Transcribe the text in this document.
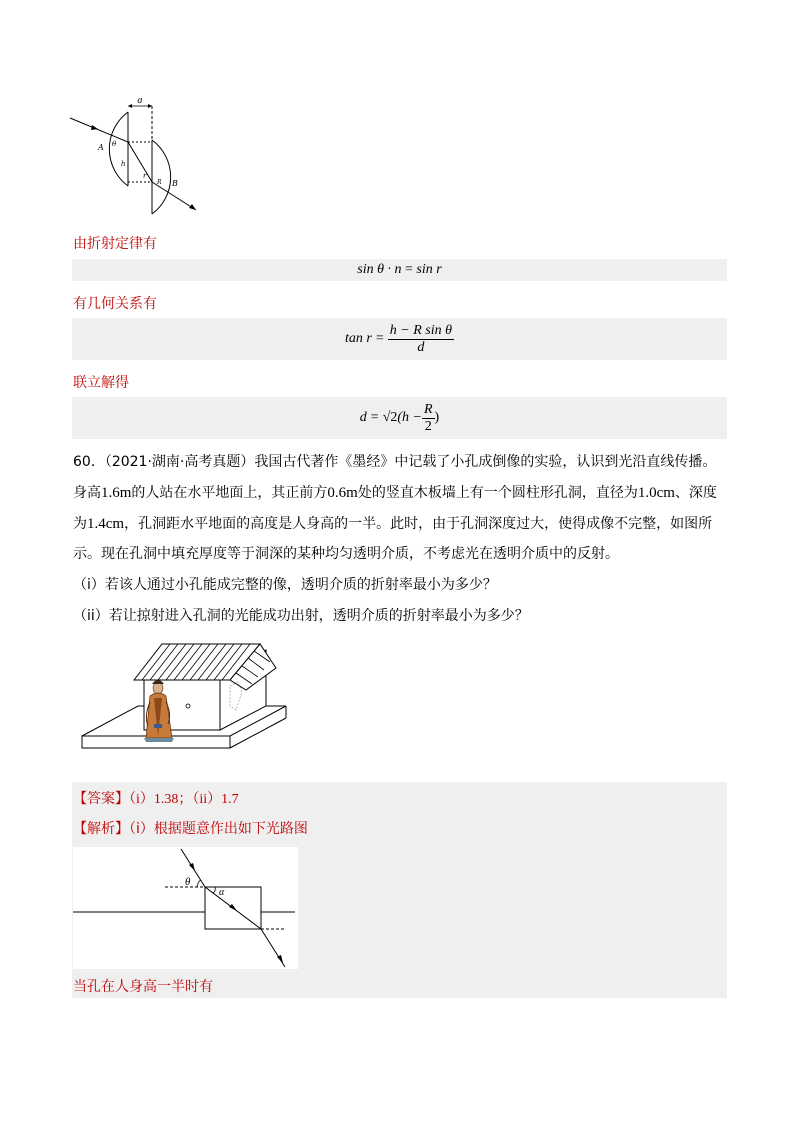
d
A
B
θ
h
r
R
由折射定律有
sin θ · n = sin r
有几何关系有
$\tan r = \frac{\text{h − R sin θ}}{d}$
联立解得
d = √2 ($h - \frac{R}{2}$ )
60．（2021·湖南·高考真题）我国古代著作《墨经》中记载了小孔成倒像的实验，认识到光沿直线传播。
身高1.6m的人站在水平地面上，其正前方0.6m处的竖直木板墙上有一个圆柱形孔洞，直径为1.0cm、深度
为1.4cm，孔洞距水平地面的高度是人身高的一半。此时，由于孔洞深度过大，使得成像不完整，如图所
示。现在孔洞中填充厚度等于洞深的某种均匀透明介质，不考虑光在透明介质中的反射。
（i）若该人通过小孔能成完整的像，透明介质的折射率最小为多少？
（ii）若让掠射进入孔洞的光能成功出射，透明介质的折射率最小为多少？
【答案】（i）1.38；（ii）1.7
【解析】（i）根据题意作出如下光路图
θ
α
当孔在人身高一半时有
